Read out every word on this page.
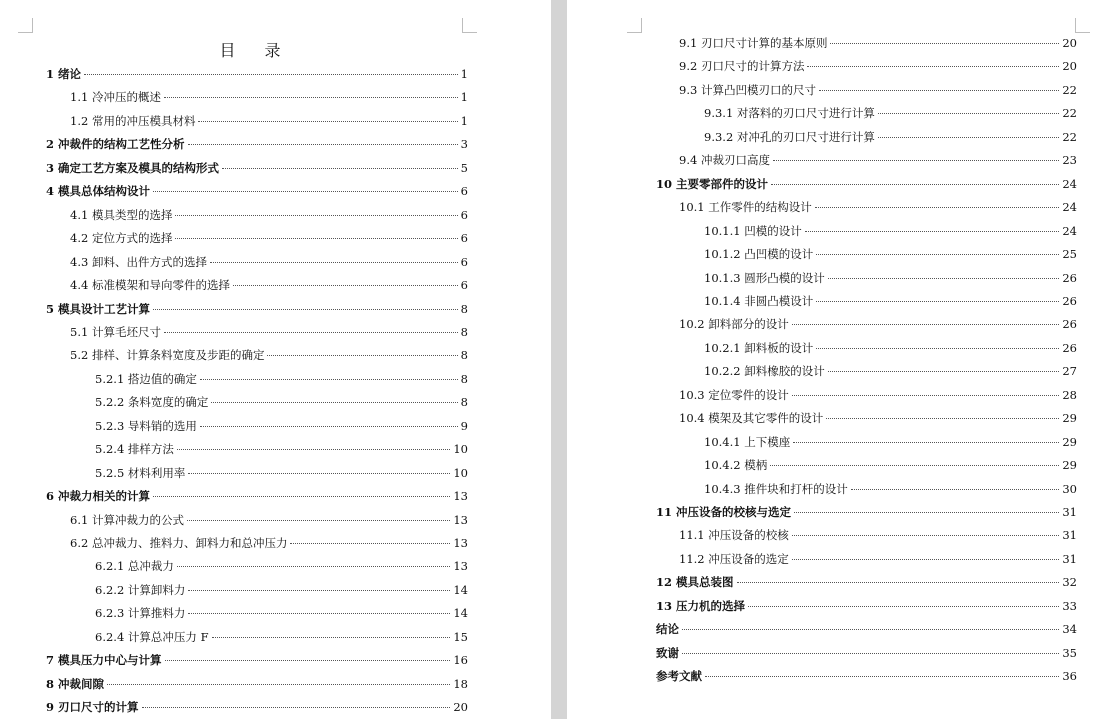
目 录
1 绪论	1
1.1 冷冲压的概述	1
1.2 常用的冲压模具材料	1
2 冲裁件的结构工艺性分析	3
3 确定工艺方案及模具的结构形式	5
4 模具总体结构设计	6
4.1 模具类型的选择	6
4.2 定位方式的选择	6
4.3 卸料、出件方式的选择	6
4.4 标准模架和导向零件的选择	6
5 模具设计工艺计算	8
5.1 计算毛坯尺寸	8
5.2 排样、计算条料宽度及步距的确定	8
5.2.1 搭边值的确定	8
5.2.2 条料宽度的确定	8
5.2.3 导料销的选用	9
5.2.4 排样方法	10
5.2.5 材料利用率	10
6 冲裁力相关的计算	13
6.1 计算冲裁力的公式	13
6.2 总冲裁力、推料力、卸料力和总冲压力	13
6.2.1 总冲裁力	13
6.2.2 计算卸料力	14
6.2.3 计算推料力	14
6.2.4 计算总冲压力 F	15
7 模具压力中心与计算	16
8 冲裁间隙	18
9 刃口尺寸的计算	20
9.1 刃口尺寸计算的基本原则	20
9.2 刃口尺寸的计算方法	20
9.3 计算凸凹模刃口的尺寸	22
9.3.1 对落料的刃口尺寸进行计算	22
9.3.2 对冲孔的刃口尺寸进行计算	22
9.4 冲裁刃口高度	23
10 主要零部件的设计	24
10.1 工作零件的结构设计	24
10.1.1 凹模的设计	24
10.1.2 凸凹模的设计	25
10.1.3 圆形凸模的设计	26
10.1.4 非圆凸模设计	26
10.2 卸料部分的设计	26
10.2.1 卸料板的设计	26
10.2.2 卸料橡胶的设计	27
10.3 定位零件的设计	28
10.4 模架及其它零件的设计	29
10.4.1 上下模座	29
10.4.2 模柄	29
10.4.3 推件块和打杆的设计	30
11 冲压设备的校核与选定	31
11.1 冲压设备的校核	31
11.2 冲压设备的选定	31
12 模具总装图	32
13 压力机的选择	33
结论	34
致谢	35
参考文献	36
